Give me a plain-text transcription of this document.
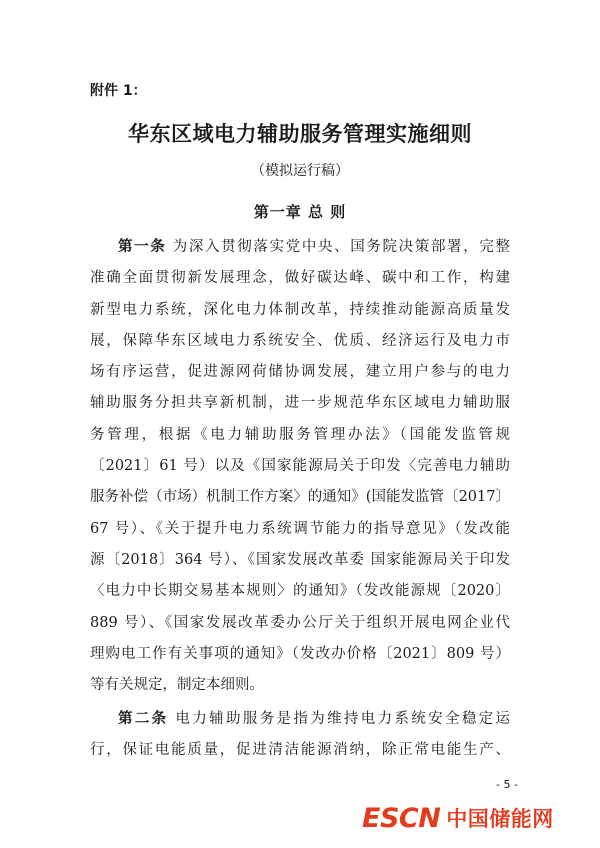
附件 1：
华东区域电力辅助服务管理实施细则
（模拟运行稿）
第一章 总 则
第一条 为深入贯彻落实党中央、国务院决策部署，完整
准确全面贯彻新发展理念，做好碳达峰、碳中和工作，构建
新型电力系统，深化电力体制改革，持续推动能源高质量发
展，保障华东区域电力系统安全、优质、经济运行及电力市
场有序运营，促进源网荷储协调发展，建立用户参与的电力
辅助服务分担共享新机制，进一步规范华东区域电力辅助服
务管理，根据《电力辅助服务管理办法》（国能发监管规
〔2021〕61 号）以及《国家能源局关于印发〈完善电力辅助
服务补偿（市场）机制工作方案〉的通知》(国能发监管〔2017〕
67 号）、《关于提升电力系统调节能力的指导意见》（发改能
源〔2018〕364 号）、《国家发展改革委 国家能源局关于印发
〈电力中长期交易基本规则〉的通知》（发改能源规〔2020〕
889 号）、《国家发展改革委办公厅关于组织开展电网企业代
理购电工作有关事项的通知》（发改办价格〔2021〕809 号）
等有关规定，制定本细则。
第二条 电力辅助服务是指为维持电力系统安全稳定运
行，保证电能质量，促进清洁能源消纳，除正常电能生产、
- 5 -
ESCN 中国储能网
